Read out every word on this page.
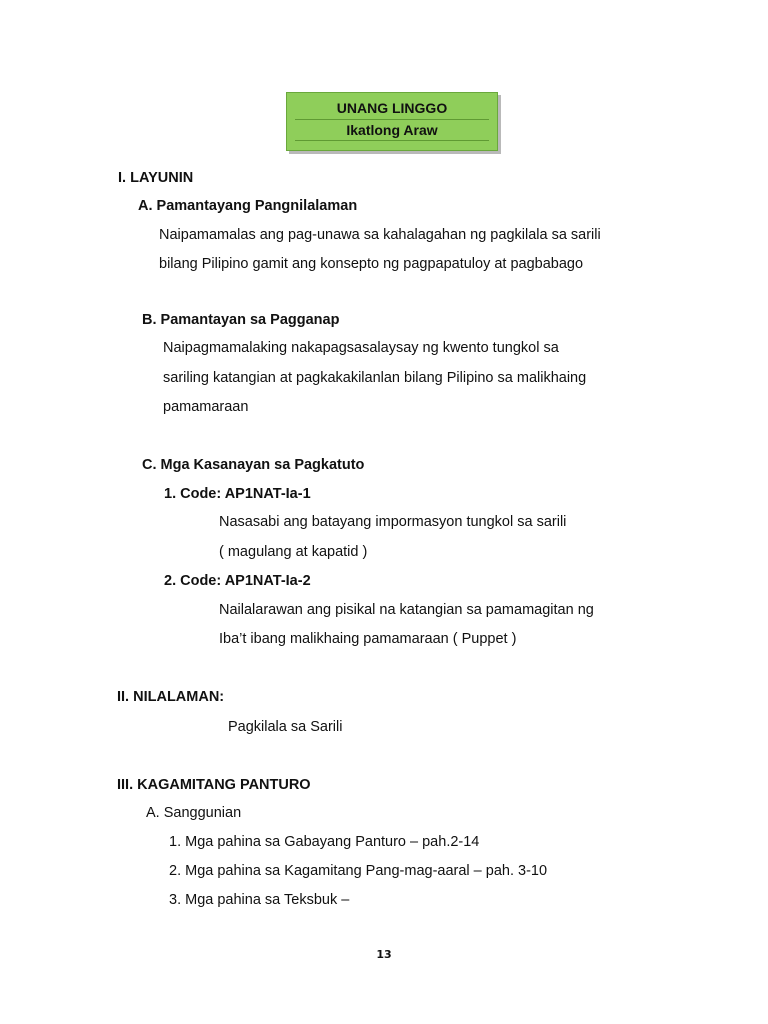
UNANG LINGGO
Ikatlong Araw
I. LAYUNIN
A. Pamantayang Pangnilalaman
Naipamamalas ang pag-unawa sa kahalagahan ng pagkilala sa sarili
bilang Pilipino gamit ang konsepto ng pagpapatuloy at pagbabago
B. Pamantayan sa Pagganap
Naipagmamalaking nakapagsasalaysay ng kwento tungkol sa
sariling katangian at pagkakakilanlan bilang Pilipino sa malikhaing
pamamaraan
C. Mga Kasanayan sa Pagkatuto
1. Code: AP1NAT-Ia-1
Nasasabi ang batayang impormasyon tungkol sa sarili
( magulang at kapatid )
2. Code: AP1NAT-Ia-2
Nailalarawan ang pisikal na katangian sa pamamagitan ng
Iba’t ibang malikhaing pamamaraan ( Puppet )
II. NILALAMAN:
Pagkilala sa Sarili
III. KAGAMITANG PANTURO
A. Sanggunian
1. Mga pahina sa Gabayang Panturo – pah.2-14
2. Mga pahina sa Kagamitang Pang-mag-aaral – pah. 3-10
3. Mga pahina sa Teksbuk –
13
